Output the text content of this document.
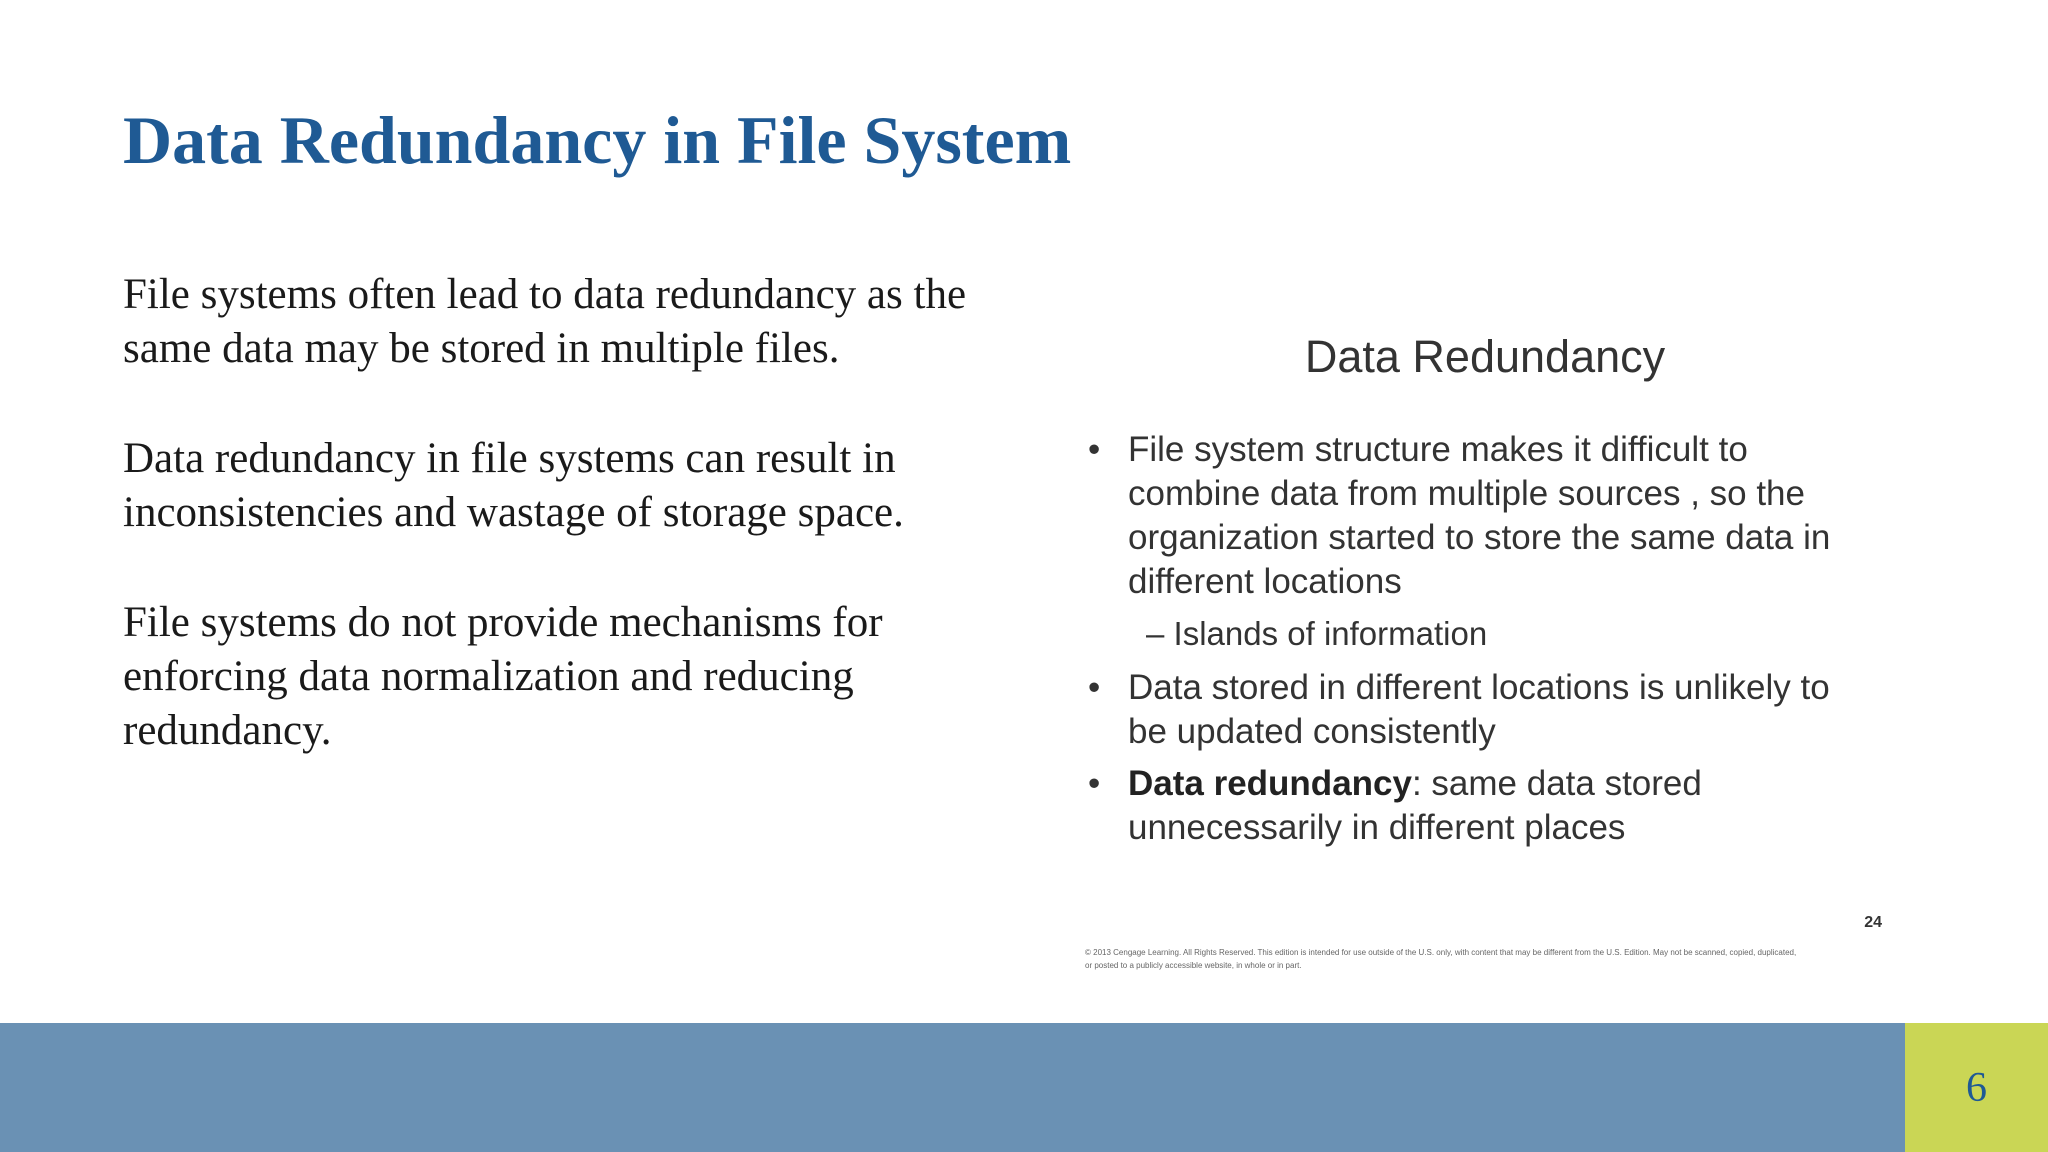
Data Redundancy in File System

File systems often lead to data redundancy as the same data may be stored in multiple files.

Data redundancy in file systems can result in inconsistencies and wastage of storage space.

File systems do not provide mechanisms for enforcing data normalization and reducing redundancy.

Data Redundancy
• File system structure makes it difficult to combine data from multiple sources , so the organization started to store the same data in different locations
– Islands of information
• Data stored in different locations is unlikely to be updated consistently
• Data redundancy: same data stored unnecessarily in different places
24
© 2013 Cengage Learning. All Rights Reserved. This edition is intended for use outside of the U.S. only, with content that may be different from the U.S. Edition. May not be scanned, copied, duplicated, or posted to a publicly accessible website, in whole or in part.
6
